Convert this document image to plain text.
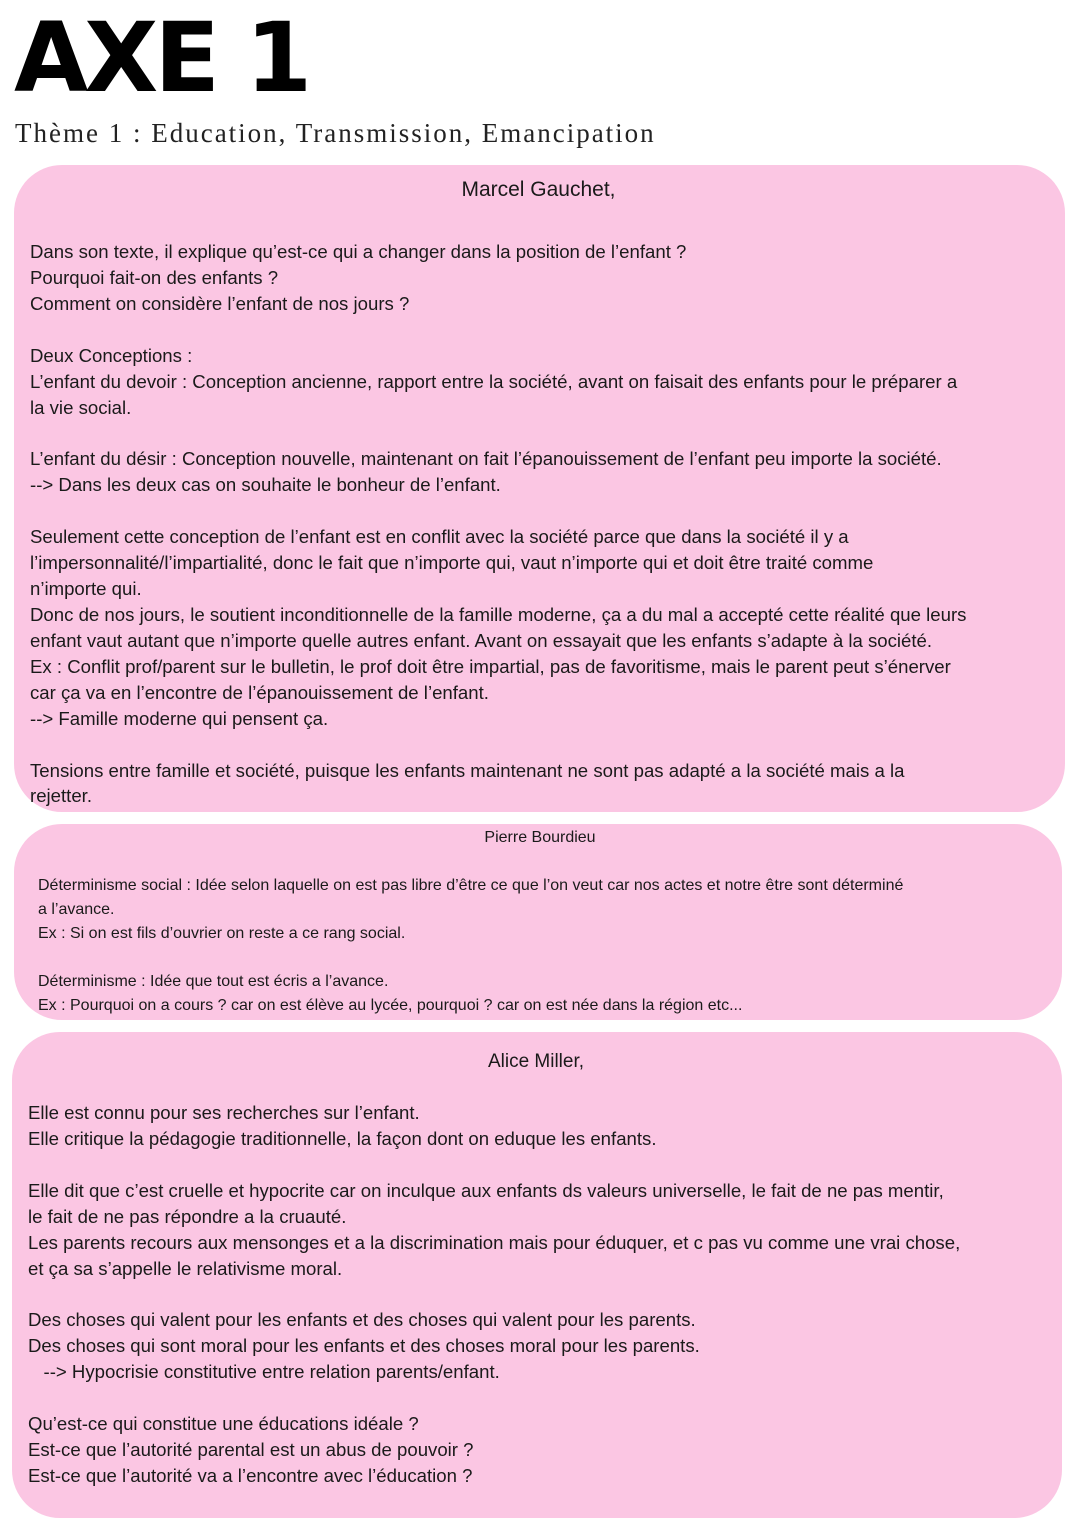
AXE 1
Thème 1 : Education, Transmission, Emancipation
Marcel Gauchet,
Dans son texte, il explique qu’est-ce qui a changer dans la position de l’enfant ?
Pourquoi fait-on des enfants ?
Comment on considère l’enfant de nos jours ?
Deux Conceptions :
L’enfant du devoir : Conception ancienne, rapport entre la société, avant on faisait des enfants pour le préparer a
la vie social.
L’enfant du désir : Conception nouvelle, maintenant on fait l’épanouissement de l’enfant peu importe la société.
--> Dans les deux cas on souhaite le bonheur de l’enfant.
Seulement cette conception de l’enfant est en conflit avec la société parce que dans la société il y a
l’impersonnalité/l’impartialité, donc le fait que n’importe qui, vaut n’importe qui et doit être traité comme
n’importe qui.
Donc de nos jours, le soutient inconditionnelle de la famille moderne, ça a du mal a accepté cette réalité que leurs
enfant vaut autant que n’importe quelle autres enfant. Avant on essayait que les enfants s’adapte à la société.
Ex : Conflit prof/parent sur le bulletin, le prof doit être impartial, pas de favoritisme, mais le parent peut s’énerver
car ça va en l’encontre de l’épanouissement de l’enfant.
--> Famille moderne qui pensent ça.
Tensions entre famille et société, puisque les enfants maintenant ne sont pas adapté a la société mais a la
rejetter.
Pierre Bourdieu
Déterminisme social : Idée selon laquelle on est pas libre d’être ce que l’on veut car nos actes et notre être sont déterminé
a l’avance.
Ex : Si on est fils d’ouvrier on reste a ce rang social.
Déterminisme : Idée que tout est écris a l’avance.
Ex : Pourquoi on a cours ? car on est élève au lycée, pourquoi ? car on est née dans la région etc...
Alice Miller,
Elle est connu pour ses recherches sur l’enfant.
Elle critique la pédagogie traditionnelle, la façon dont on eduque les enfants.
Elle dit que c’est cruelle et hypocrite car on inculque aux enfants ds valeurs universelle, le fait de ne pas mentir,
le fait de ne pas répondre a la cruauté.
Les parents recours aux mensonges et a la discrimination mais pour éduquer, et c pas vu comme une vrai chose,
et ça sa s’appelle le relativisme moral.
Des choses qui valent pour les enfants et des choses qui valent pour les parents.
Des choses qui sont moral pour les enfants et des choses moral pour les parents.
--> Hypocrisie constitutive entre relation parents/enfant.
Qu’est-ce qui constitue une éducations idéale ?
Est-ce que l’autorité parental est un abus de pouvoir ?
Est-ce que l’autorité va a l’encontre avec l’éducation ?
